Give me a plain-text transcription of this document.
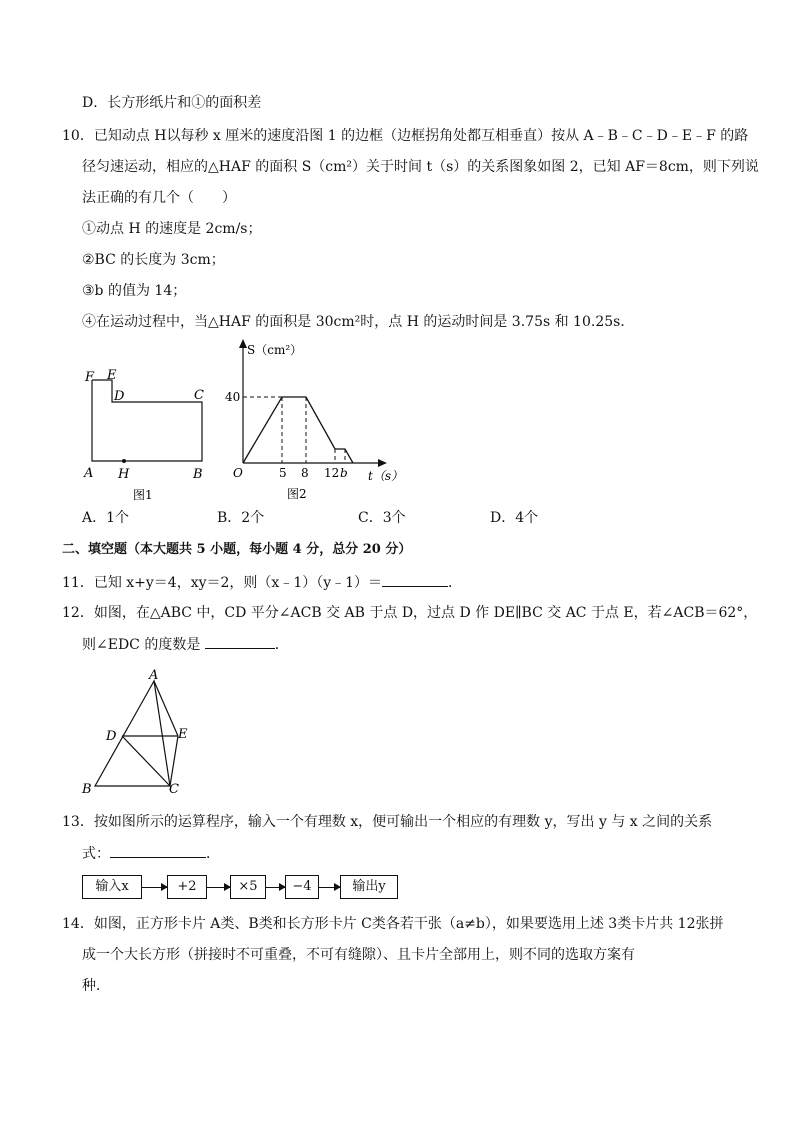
D．长方形纸片和①的面积差
10．已知动点 H以每秒 x 厘米的速度沿图 1 的边框（边框拐角处都互相垂直）按从 A﹣B﹣C﹣D﹣E﹣F 的路
径匀速运动，相应的△HAF 的面积 S（cm²）关于时间 t（s）的关系图象如图 2，已知 AF＝8cm，则下列说
法正确的有几个（　　）
①动点 H 的速度是 2cm/s；
②BC 的长度为 3cm；
③b 的值为 14；
④在运动过程中，当△HAF 的面积是 30cm²时，点 H 的运动时间是 3.75s 和 10.25s．
F E
D	C
A H	B
图1
S（cm²）
t（s）
40
O	5 8 12 b
图2
A．1个	B．2个	C．3个	D．4个
二、填空题（本大题共 5 小题，每小题 4 分，总分 20 分）
11．已知 x+y＝4，xy＝2，则（x﹣1）（y﹣1）＝	．
12．如图，在△ABC 中，CD 平分∠ACB 交 AB 于点 D，过点 D 作 DE∥BC 交 AC 于点 E，若∠ACB＝62°，
则∠EDC 的度数是	．
A
D	E
B	C
13．按如图所示的运算程序，输入一个有理数 x，便可输出一个相应的有理数 y，写出 y 与 x 之间的关系
式：	．
输入x	+2	×5	−4	输出y
14．如图，正方形卡片 A类、B类和长方形卡片 C类各若干张（a≠b），如果要选用上述 3类卡片共 12张拼
成一个大长方形（拼接时不可重叠，不可有缝隙）、且卡片全部用上，则不同的选取方案有
种．
